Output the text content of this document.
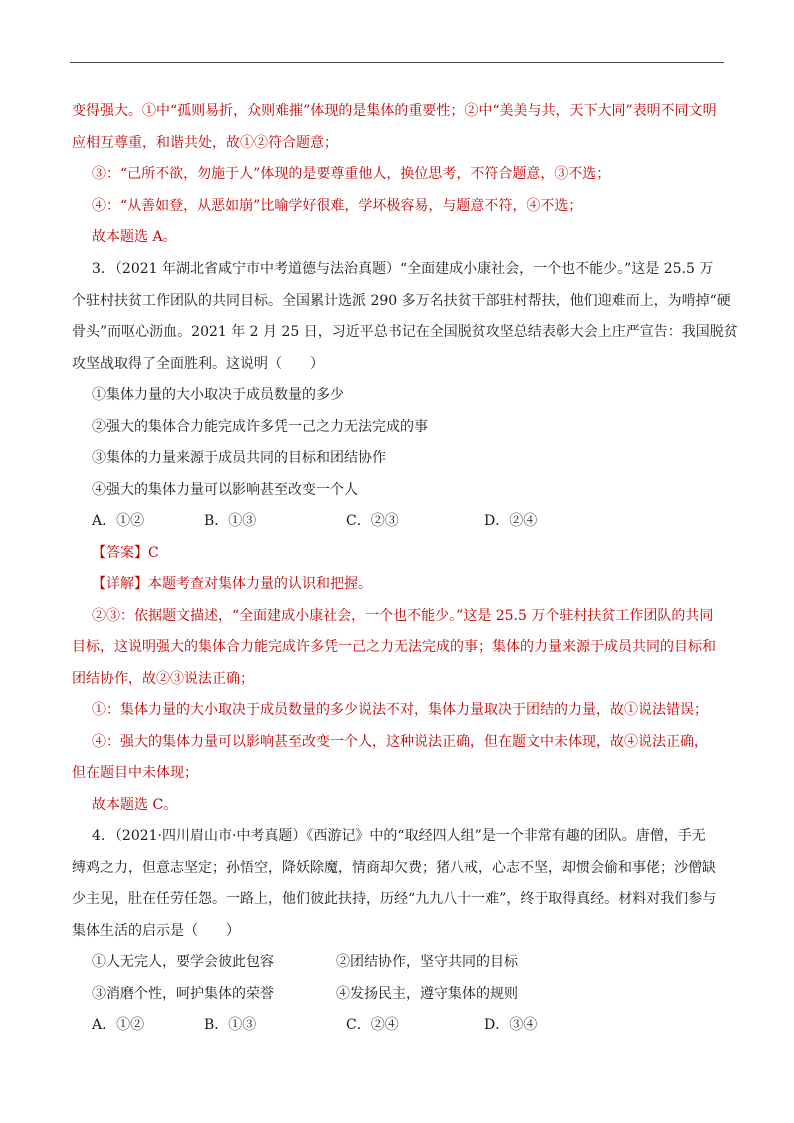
变得强大。①中“孤则易折，众则难摧”体现的是集体的重要性；②中“美美与共，天下大同”表明不同文明
应相互尊重，和谐共处，故①②符合题意；
③：“己所不欲，勿施于人”体现的是要尊重他人，换位思考，不符合题意，③不选；
④：“从善如登，从恶如崩”比喻学好很难，学坏极容易，与题意不符，④不选；
故本题选 A。
3．（2021 年湖北省咸宁市中考道德与法治真题）“全面建成小康社会，一个也不能少。”这是 25.5 万
个驻村扶贫工作团队的共同目标。全国累计选派 290 多万名扶贫干部驻村帮扶，他们迎难而上，为啃掉“硬
骨头”而呕心沥血。2021 年 2 月 25 日，习近平总书记在全国脱贫攻坚总结表彰大会上庄严宣告：我国脱贫
攻坚战取得了全面胜利。这说明（　　）
①集体力量的大小取决于成员数量的多少
②强大的集体合力能完成许多凭一己之力无法完成的事
③集体的力量来源于成员共同的目标和团结协作
④强大的集体力量可以影响甚至改变一个人
A．①②	B．①③	C．②③	D．②④
【答案】C
【详解】本题考查对集体力量的认识和把握。
②③：依据题文描述，“全面建成小康社会，一个也不能少。”这是 25.5 万个驻村扶贫工作团队的共同
目标，这说明强大的集体合力能完成许多凭一己之力无法完成的事；集体的力量来源于成员共同的目标和
团结协作，故②③说法正确；
①：集体力量的大小取决于成员数量的多少说法不对，集体力量取决于团结的力量，故①说法错误；
④：强大的集体力量可以影响甚至改变一个人，这种说法正确，但在题文中未体现，故④说法正确，
但在题目中未体现；
故本题选 C。
4．（2021·四川眉山市·中考真题）《西游记》中的“取经四人组”是一个非常有趣的团队。唐僧，手无
缚鸡之力，但意志坚定；孙悟空，降妖除魔，情商却欠费；猪八戒，心志不坚，却惯会偷和事佬；沙僧缺
少主见，肚在任劳任怨。一路上，他们彼此扶持，历经“九九八十一难”，终于取得真经。材料对我们参与
集体生活的启示是（　　）
①人无完人，要学会彼此包容	②团结协作，坚守共同的目标
③消磨个性，呵护集体的荣誉	④发扬民主，遵守集体的规则
A．①②	B．①③	C．②④	D．③④
